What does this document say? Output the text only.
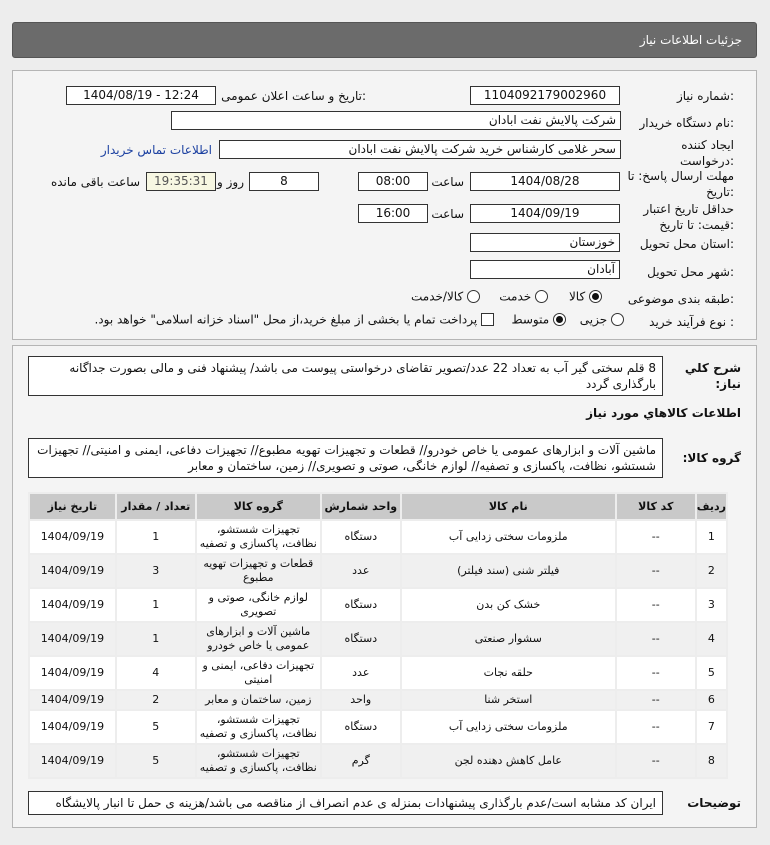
جزئیات اطلاعات نیاز
شماره نیاز:
1104092179002960
تاریخ و ساعت اعلان عمومی:
1404/08/19 - 12:24
نام دستگاه خریدار:
شرکت پالایش نفت ابادان
ایجاد کننده درخواست:
سحر غلامی کارشناس خرید شرکت پالایش نفت ابادان
اطلاعات تماس خریدار
مهلت ارسال پاسخ: تا تاریخ:
1404/08/28
ساعت
08:00
8
روز و
19:35:31
ساعت باقی مانده
حداقل تاریخ اعتبار قیمت: تا تاریخ:
1404/09/19
ساعت
16:00
استان محل تحویل:
خوزستان
شهر محل تحویل:
آبادان
طبقه بندی موضوعی:
کالا
خدمت
کالا/خدمت
نوع فرآیند خرید :
جزیی
متوسط
پرداخت تمام یا بخشی از مبلغ خرید،از محل "اسناد خزانه اسلامی" خواهد بود.
شرح کلي نياز:
8 قلم سختی گیر آب به تعداد 22 عدد/تصویر تقاضای درخواستی پیوست می باشد/ پیشنهاد فنی و مالی بصورت جداگانه بارگذاری گردد
اطلاعات کالاهاي مورد نياز
گروه کالا:
ماشین آلات و ابزارهای عمومی یا خاص خودرو// قطعات و تجهیزات تهویه مطبوع// تجهیزات دفاعی، ایمنی و امنیتی// تجهیزات شستشو، نظافت، پاکسازی و تصفیه// لوازم خانگی، صوتی و تصویری// زمین، ساختمان و معابر
ردیف	کد کالا	نام کالا	واحد شمارش	گروه کالا	تعداد / مقدار	تاریخ نیاز
1	--	ملزومات سختی زدایی آب	دستگاه	تجهیزات شستشو، نظافت، پاکسازی و تصفیه	1	1404/09/19
2	--	فیلتر شنی (سند فیلتر)	عدد	قطعات و تجهیزات تهویه مطبوع	3	1404/09/19
3	--	خشک کن بدن	دستگاه	لوازم خانگی، صوتی و تصویری	1	1404/09/19
4	--	سشوار صنعتی	دستگاه	ماشین آلات و ابزارهای عمومی یا خاص خودرو	1	1404/09/19
5	--	حلقه نجات	عدد	تجهیزات دفاعی، ایمنی و امنیتی	4	1404/09/19
6	--	استخر شنا	واحد	زمین، ساختمان و معابر	2	1404/09/19
7	--	ملزومات سختی زدایی آب	دستگاه	تجهیزات شستشو، نظافت، پاکسازی و تصفیه	5	1404/09/19
8	--	عامل کاهش دهنده لجن	گرم	تجهیزات شستشو، نظافت، پاکسازی و تصفیه	5	1404/09/19
توضیحات
ایران کد مشابه است/عدم بارگذاری پیشنهادات بمنزله ی عدم انصراف از مناقصه می باشد/هزینه ی حمل تا انبار پالایشگاه
